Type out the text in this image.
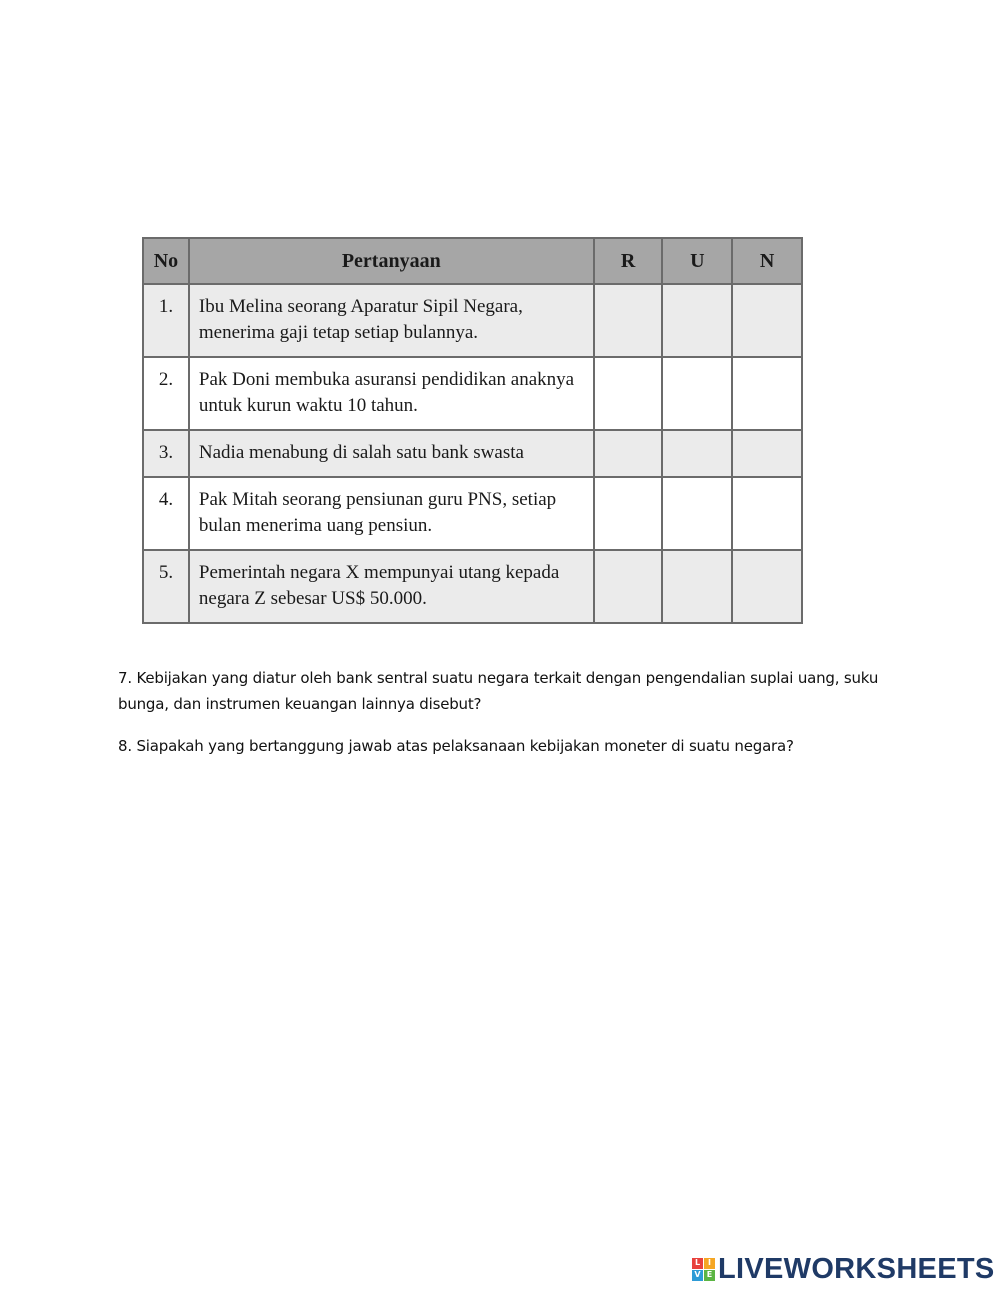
No	Pertanyaan	R	U	N
1.	Ibu Melina seorang Aparatur Sipil Negara,
menerima gaji tetap setiap bulannya.			

2.	Pak Doni membuka asuransi pendidikan anaknya
untuk kurun waktu 10 tahun.			

3.	Nadia menabung di salah satu bank swasta			

4.	Pak Mitah seorang pensiunan guru PNS, setiap
bulan menerima uang pensiun.			

5.	Pemerintah negara X mempunyai utang kepada
negara Z sebesar US$ 50.000.			

7. Kebijakan yang diatur oleh bank sentral suatu negara terkait dengan pengendalian suplai uang, suku
bunga, dan instrumen keuangan lainnya disebut?

8. Siapakah yang bertanggung jawab atas pelaksanaan kebijakan moneter di suatu negara?

L I
V E LIVEWORKSHEETS
